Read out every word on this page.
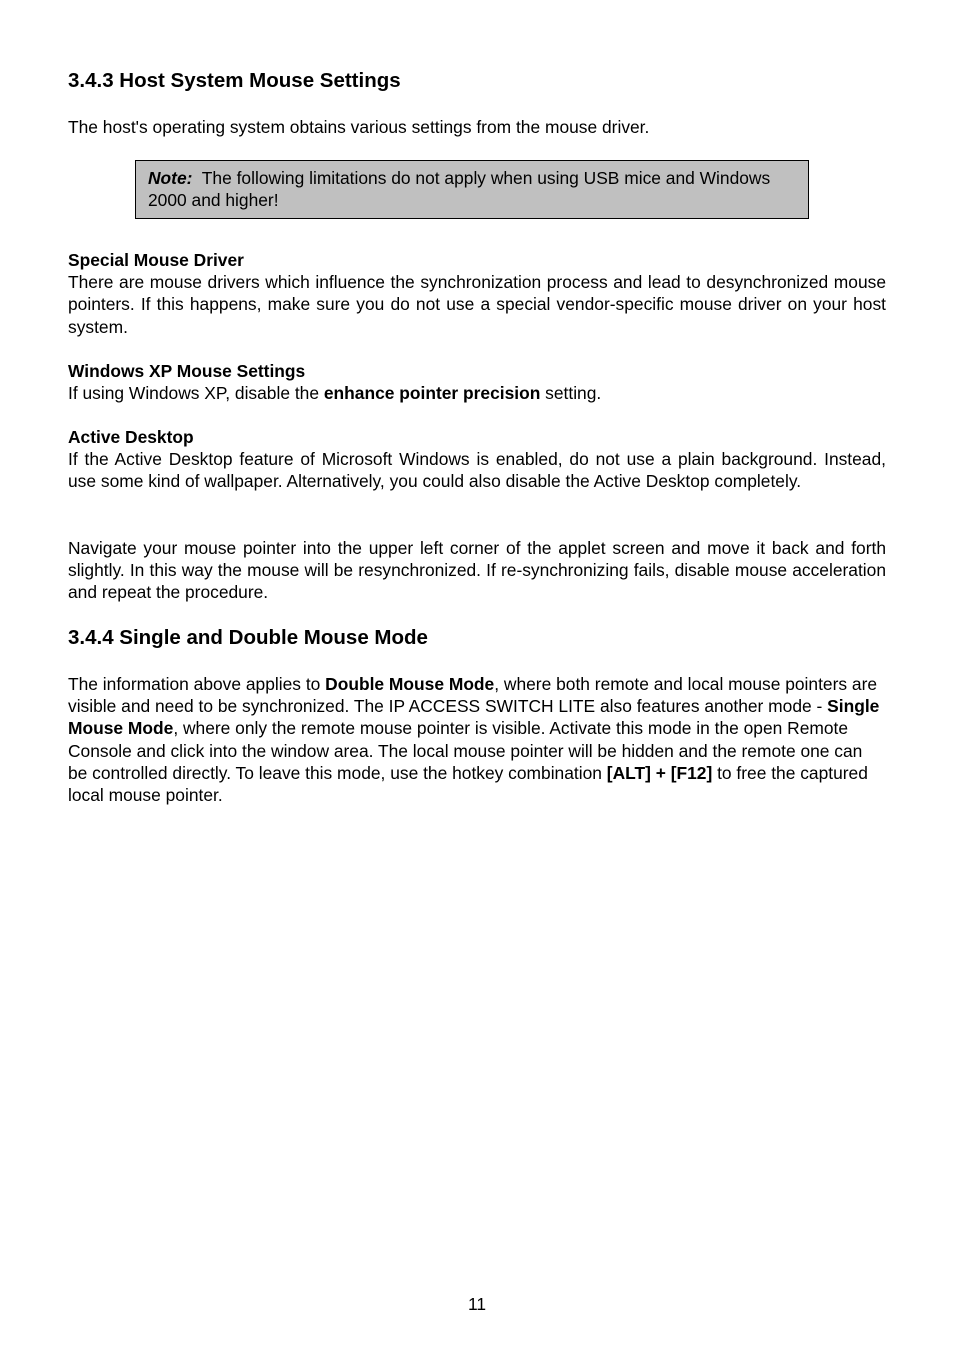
3.4.3 Host System Mouse Settings

The host's operating system obtains various settings from the mouse driver.

Note: The following limitations do not apply when using USB mice and Windows 2000 and higher!
Special Mouse Driver
There are mouse drivers which influence the synchronization process and lead to desynchronized mouse pointers. If this happens, make sure you do not use a special vendor-specific mouse driver on your host system.
Windows XP Mouse Settings
If using Windows XP, disable the enhance pointer precision setting.
Active Desktop
If the Active Desktop feature of Microsoft Windows is enabled, do not use a plain background. Instead, use some kind of wallpaper. Alternatively, you could also disable the Active Desktop completely.

Navigate your mouse pointer into the upper left corner of the applet screen and move it back and forth slightly. In this way the mouse will be resynchronized. If re-synchronizing fails, disable mouse acceleration and repeat the procedure.

3.4.4 Single and Double Mouse Mode

The information above applies to Double Mouse Mode, where both remote and local mouse pointers are visible and need to be synchronized. The IP ACCESS SWITCH LITE also features another mode - Single Mouse Mode, where only the remote mouse pointer is visible. Activate this mode in the open Remote Console and click into the window area. The local mouse pointer will be hidden and the remote one can be controlled directly. To leave this mode, use the hotkey combination [ALT] + [F12] to free the captured local mouse pointer.

11
